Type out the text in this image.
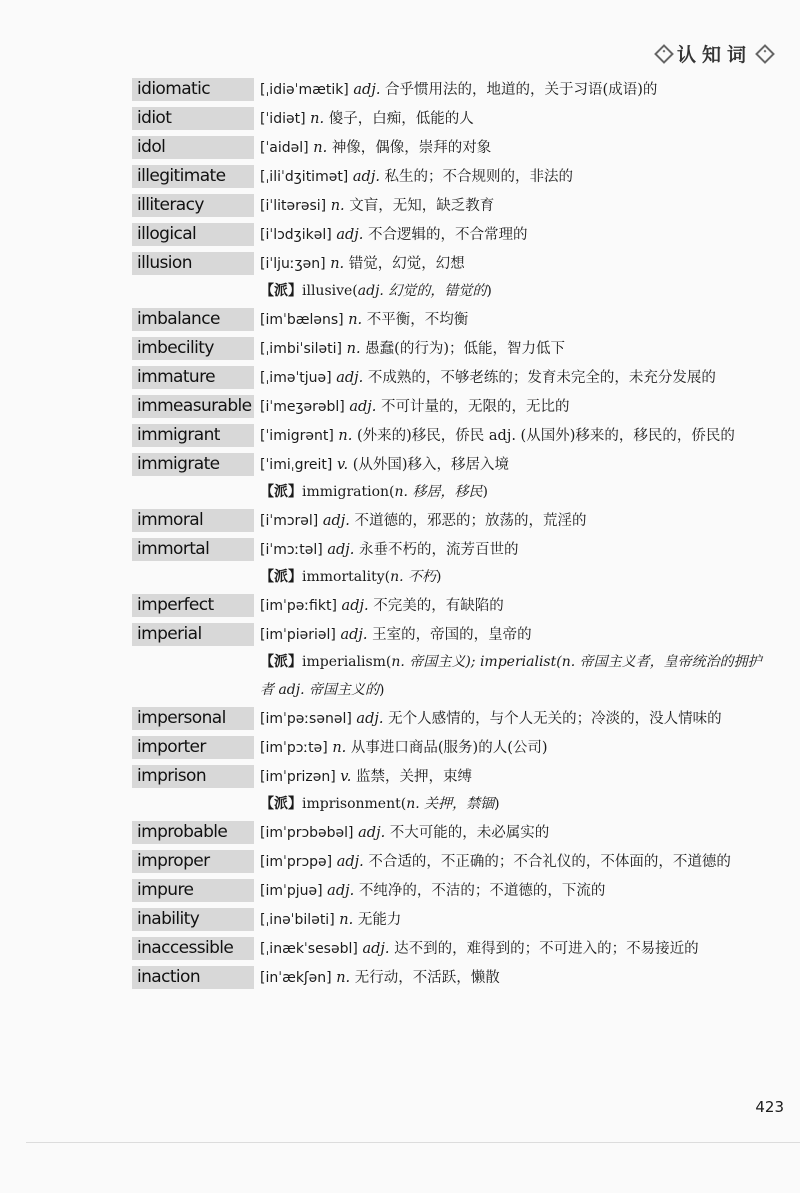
认知词
idiomatic	[ˌidiəˈmætik] adj. 合乎惯用法的，地道的，关于习语(成语)的
idiot	[ˈidiət] n. 傻子，白痴，低能的人
idol	[ˈaidəl] n. 神像，偶像，崇拜的对象
illegitimate	[ˌiliˈdʒitimət] adj. 私生的；不合规则的，非法的
illiteracy	[iˈlitərəsi] n. 文盲，无知，缺乏教育
illogical	[iˈlɔdʒikəl] adj. 不合逻辑的，不合常理的
illusion	[iˈljuːʒən] n. 错觉，幻觉，幻想
【派】illusive(adj. 幻觉的，错觉的)
imbalance	[imˈbæləns] n. 不平衡，不均衡
imbecility	[ˌimbiˈsiləti] n. 愚蠢(的行为)；低能，智力低下
immature	[ˌiməˈtjuə] adj. 不成熟的，不够老练的；发育未完全的，未充分发展的
immeasurable [iˈmeʒərəbl] adj. 不可计量的，无限的，无比的
immigrant	[ˈimigrənt] n. (外来的)移民，侨民 adj. (从国外)移来的，移民的，侨民的
immigrate	[ˈimiˌgreit] v. (从外国)移入，移居入境
【派】immigration(n. 移居，移民)
immoral	[iˈmɔrəl] adj. 不道德的，邪恶的；放荡的，荒淫的
immortal	[iˈmɔːtəl] adj. 永垂不朽的，流芳百世的
【派】immortality(n. 不朽)
imperfect	[imˈpəːfikt] adj. 不完美的，有缺陷的
imperial	[imˈpiəriəl] adj. 王室的，帝国的，皇帝的
【派】imperialism(n. 帝国主义); imperialist(n. 帝国主义者，皇帝统治的拥护者 adj. 帝国主义的)
impersonal	[imˈpəːsənəl] adj. 无个人感情的，与个人无关的；冷淡的，没人情味的
importer	[imˈpɔːtə] n. 从事进口商品(服务)的人(公司)
imprison	[imˈprizən] v. 监禁，关押，束缚
【派】imprisonment(n. 关押，禁锢)
improbable	[imˈprɔbəbəl] adj. 不大可能的，未必属实的
improper	[imˈprɔpə] adj. 不合适的，不正确的；不合礼仪的，不体面的，不道德的
impure	[imˈpjuə] adj. 不纯净的，不洁的；不道德的，下流的
inability	[ˌinəˈbiləti] n. 无能力
inaccessible	[ˌinækˈsesəbl] adj. 达不到的，难得到的；不可进入的；不易接近的
inaction	[inˈækʃən] n. 无行动，不活跃，懒散
423
